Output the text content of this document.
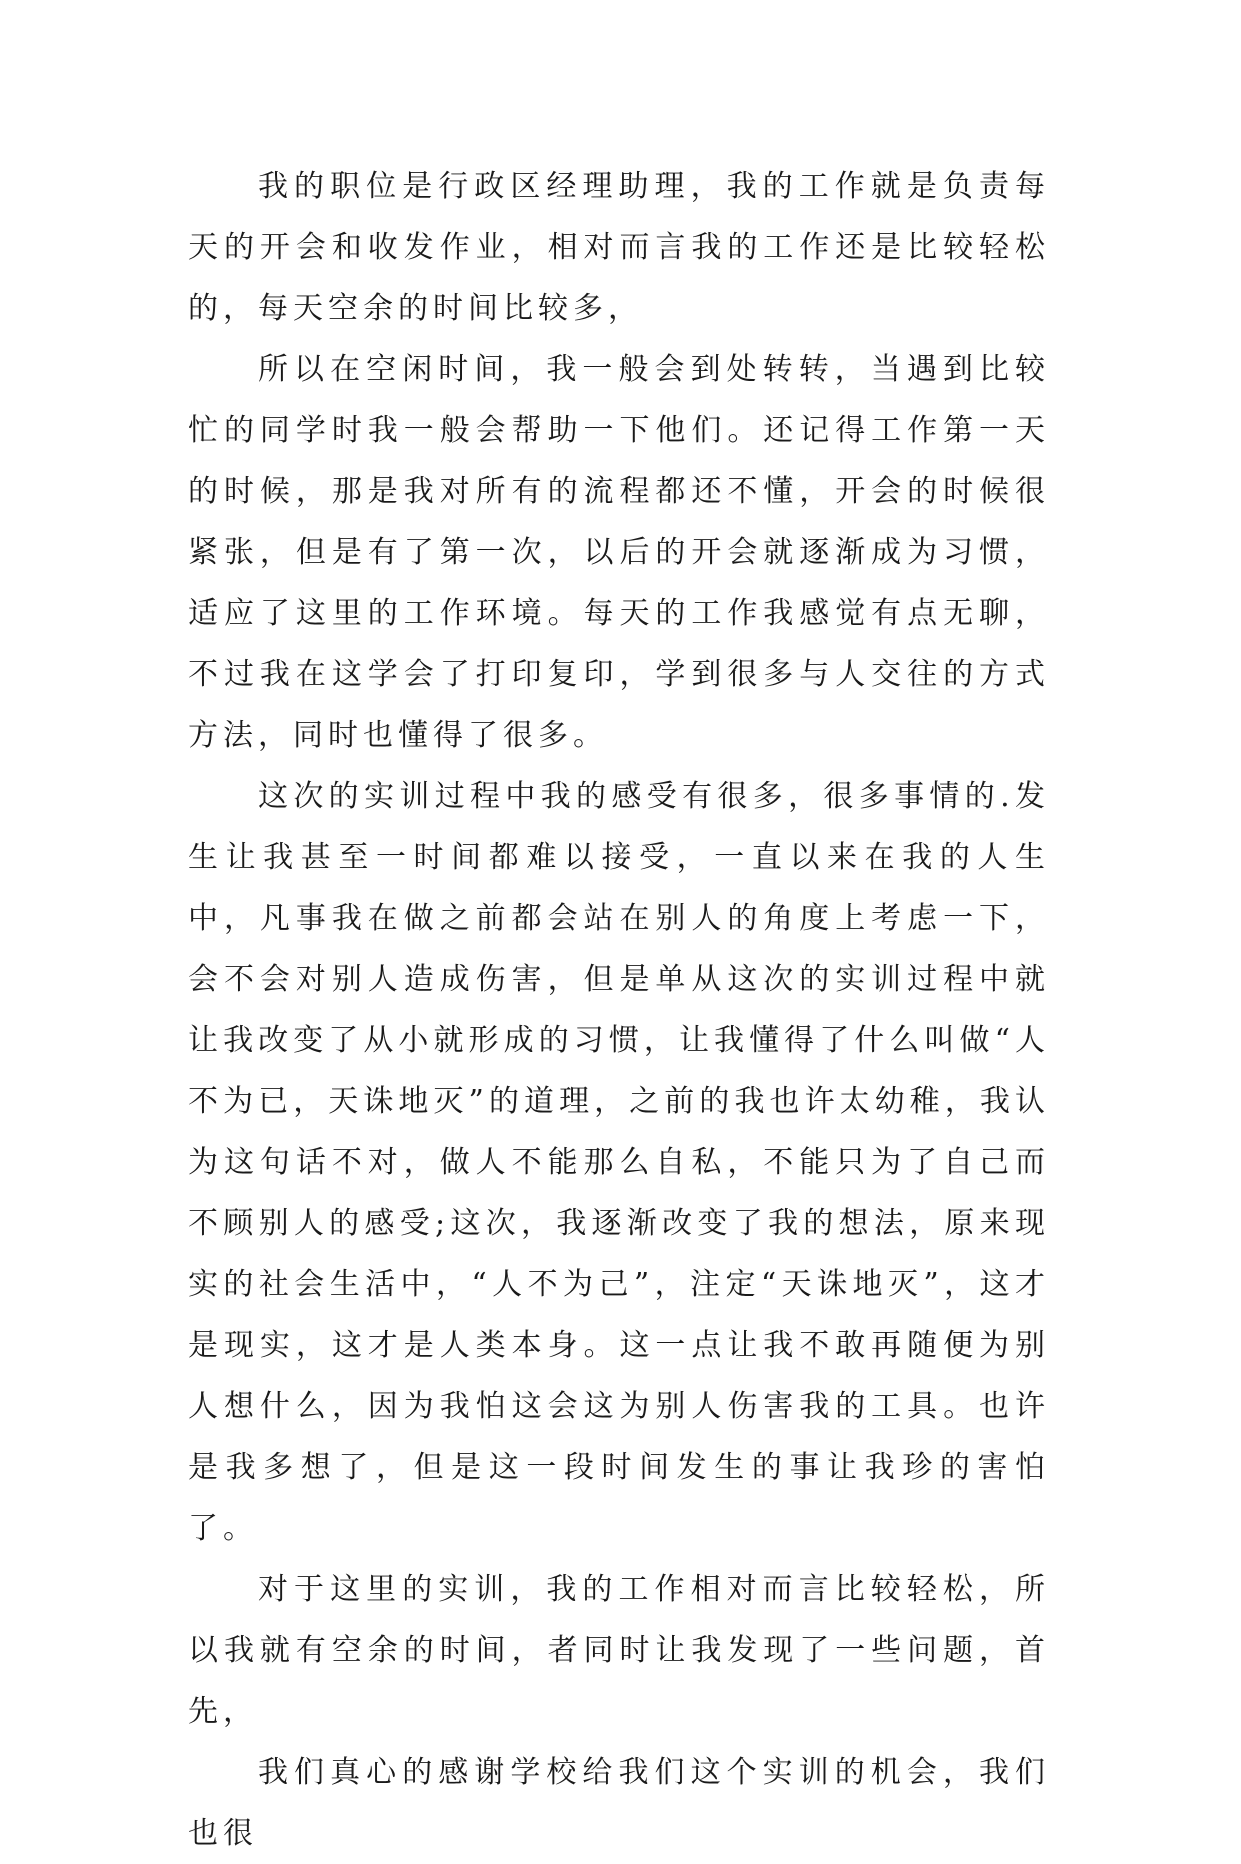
我的职位是行政区经理助理，我的工作就是负责每天的开会和收发作业，相对而言我的工作还是比较轻松的，每天空余的时间比较多，

所以在空闲时间，我一般会到处转转，当遇到比较忙的同学时我一般会帮助一下他们。还记得工作第一天的时候，那是我对所有的流程都还不懂，开会的时候很紧张，但是有了第一次，以后的开会就逐渐成为习惯，适应了这里的工作环境。每天的工作我感觉有点无聊，不过我在这学会了打印复印，学到很多与人交往的方式方法，同时也懂得了很多。

这次的实训过程中我的感受有很多，很多事情的.发生让我甚至一时间都难以接受，一直以来在我的人生中，凡事我在做之前都会站在别人的角度上考虑一下，会不会对别人造成伤害，但是单从这次的实训过程中就让我改变了从小就形成的习惯，让我懂得了什么叫做“人不为已，天诛地灭”的道理，之前的我也许太幼稚，我认为这句话不对，做人不能那么自私，不能只为了自己而不顾别人的感受;这次，我逐渐改变了我的想法，原来现实的社会生活中，“人不为己”，注定“天诛地灭”，这才是现实，这才是人类本身。这一点让我不敢再随便为别人想什么，因为我怕这会这为别人伤害我的工具。也许是我多想了，但是这一段时间发生的事让我珍的害怕了。

对于这里的实训，我的工作相对而言比较轻松，所以我就有空余的时间，者同时让我发现了一些问题，首先，

我们真心的感谢学校给我们这个实训的机会，我们也很
